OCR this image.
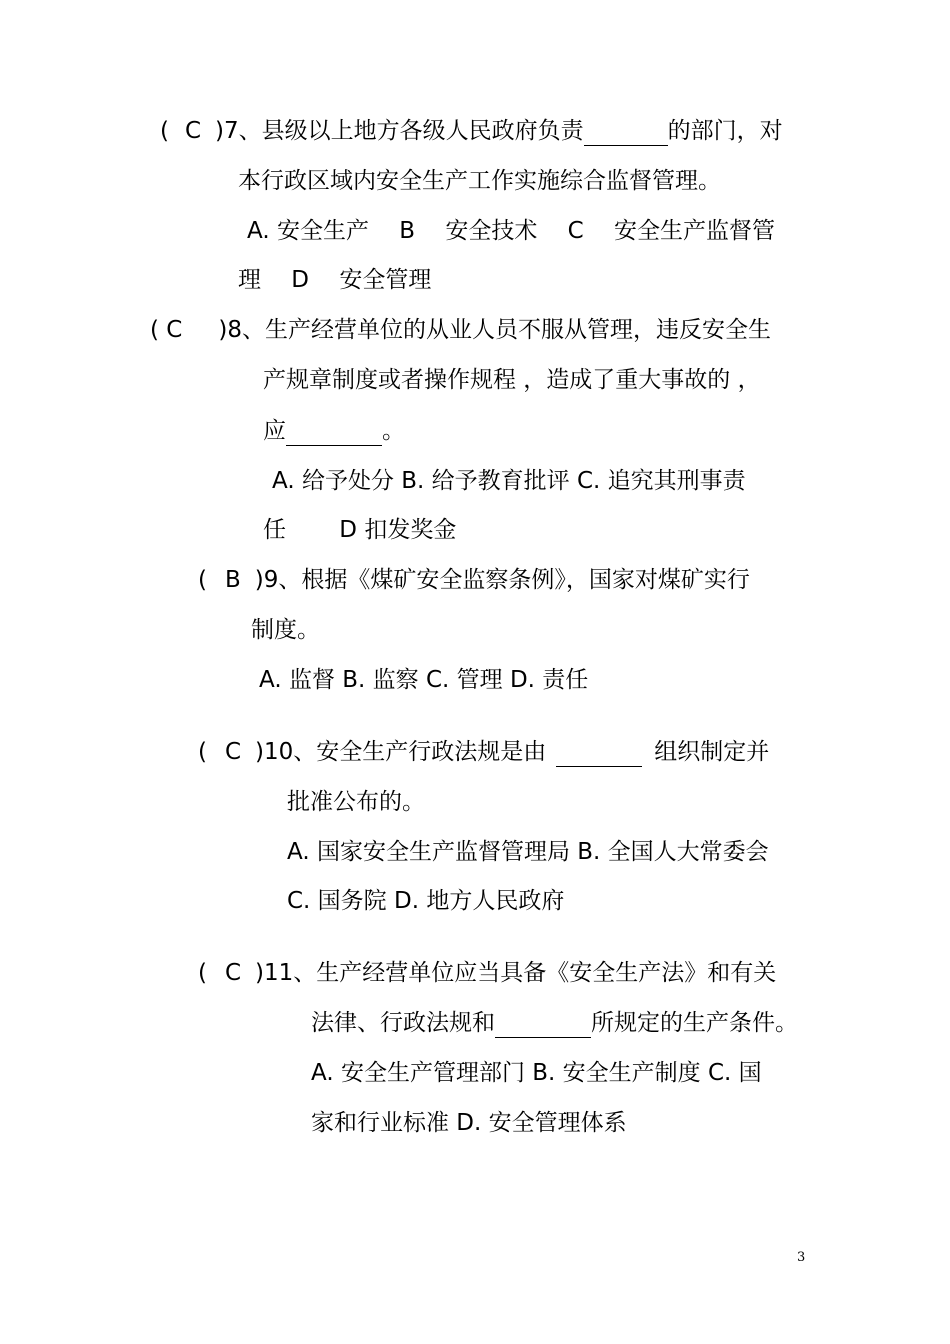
( C )7、县级以上地方各级人民政府负责	的部门，对
本行政区域内安全生产工作实施综合监督管理。
A. 安全生产 　B 　安全技术 　C 　安全生产监督管
理 　D 　安全管理
( C )8、生产经营单位的从业人员不服从管理，违反安全生
产规章制度或者操作规程 ，造成了重大事故的 ，
应	。
A. 给予处分 B. 给予教育批评 C. 追究其刑事责
任 　　D 扣发奖金
( B )9、根据《煤矿安全监察条例》，国家对煤矿实行
制度。
A. 监督 B. 监察 C. 管理 D. 责任
( C )10、安全生产行政法规是由	组织制定并
批准公布的。
A. 国家安全生产监督管理局 B. 全国人大常委会
C. 国务院 D. 地方人民政府
( C )11、生产经营单位应当具备《安全生产法》和有关
法律、行政法规和	所规定的生产条件。
A. 安全生产管理部门 B. 安全生产制度 C. 国
家和行业标准 D. 安全管理体系
3
